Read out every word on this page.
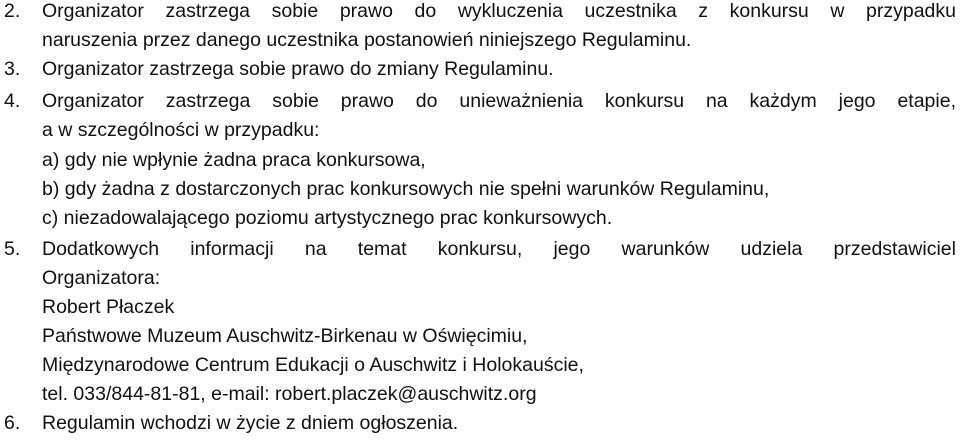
2. Organizator zastrzega sobie prawo do wykluczenia uczestnika z konkursu w przypadku
naruszenia przez danego uczestnika postanowień niniejszego Regulaminu.
3. Organizator zastrzega sobie prawo do zmiany Regulaminu.
4. Organizator zastrzega sobie prawo do unieważnienia konkursu na każdym jego etapie,
a w szczególności w przypadku:
a) gdy nie wpłynie żadna praca konkursowa,
b) gdy żadna z dostarczonych prac konkursowych nie spełni warunków Regulaminu,
c) niezadowalającego poziomu artystycznego prac konkursowych.
5. Dodatkowych informacji na temat konkursu, jego warunków udziela przedstawiciel
Organizatora:
Robert Płaczek
Państwowe Muzeum Auschwitz-Birkenau w Oświęcimiu,
Międzynarodowe Centrum Edukacji o Auschwitz i Holokauście,
tel. 033/844-81-81, e-mail: robert.placzek@auschwitz.org
6. Regulamin wchodzi w życie z dniem ogłoszenia.
